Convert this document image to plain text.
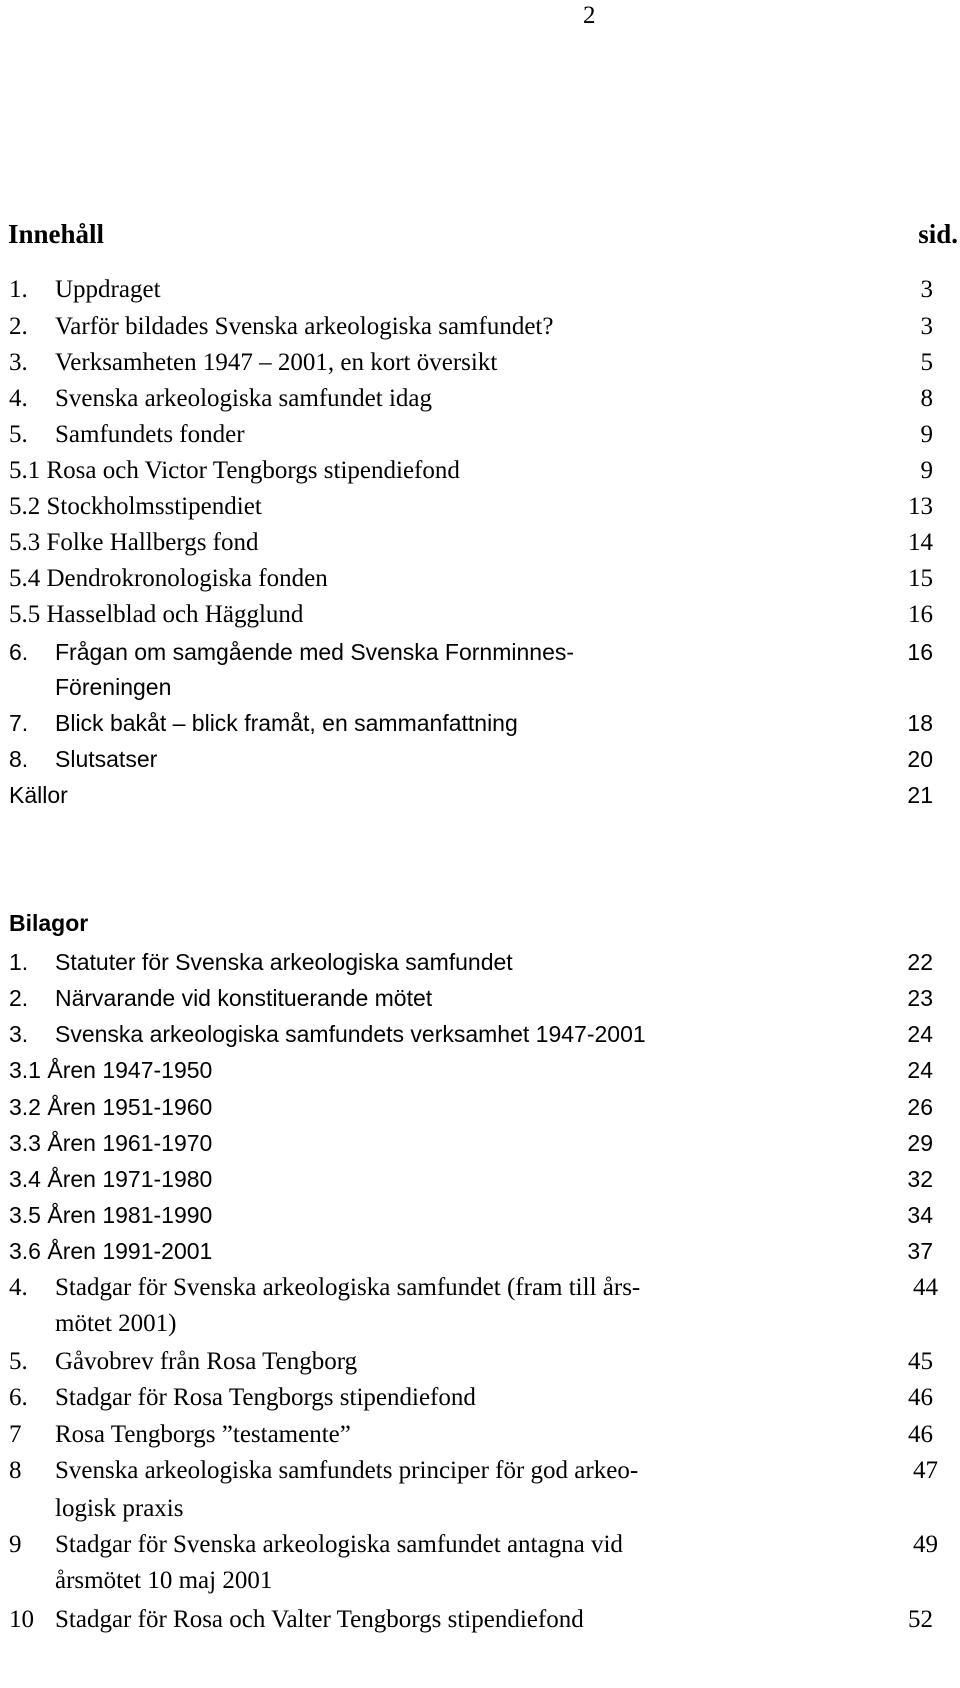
2
Innehåll	sid.
1. Uppdraget	3
2. Varför bildades Svenska arkeologiska samfundet?	3
3. Verksamheten 1947 – 2001, en kort översikt	5
4. Svenska arkeologiska samfundet idag	8
5. Samfundets fonder	9
5.1 Rosa och Victor Tengborgs stipendiefond	9
5.2 Stockholmsstipendiet	13
5.3 Folke Hallbergs fond	14
5.4 Dendrokronologiska fonden	15
5.5 Hasselblad och Hägglund	16
6. Frågan om samgående med Svenska Fornminnes-	16
Föreningen
7. Blick bakåt – blick framåt, en sammanfattning	18
8. Slutsatser	20
Källor	21
Bilagor
1. Statuter för Svenska arkeologiska samfundet	22
2. Närvarande vid konstituerande mötet	23
3. Svenska arkeologiska samfundets verksamhet 1947-2001	24
3.1 Åren 1947-1950	24
3.2 Åren 1951-1960	26
3.3 Åren 1961-1970	29
3.4 Åren 1971-1980	32
3.5 Åren 1981-1990	34
3.6 Åren 1991-2001	37
4. Stadgar för Svenska arkeologiska samfundet (fram till års-	44
mötet 2001)
5. Gåvobrev från Rosa Tengborg	45
6. Stadgar för Rosa Tengborgs stipendiefond	46
7 Rosa Tengborgs ”testamente”	46
8 Svenska arkeologiska samfundets principer för god arkeo-	47
logisk praxis
9 Stadgar för Svenska arkeologiska samfundet antagna vid	49
årsmötet 10 maj 2001
10 Stadgar för Rosa och Valter Tengborgs stipendiefond	52
